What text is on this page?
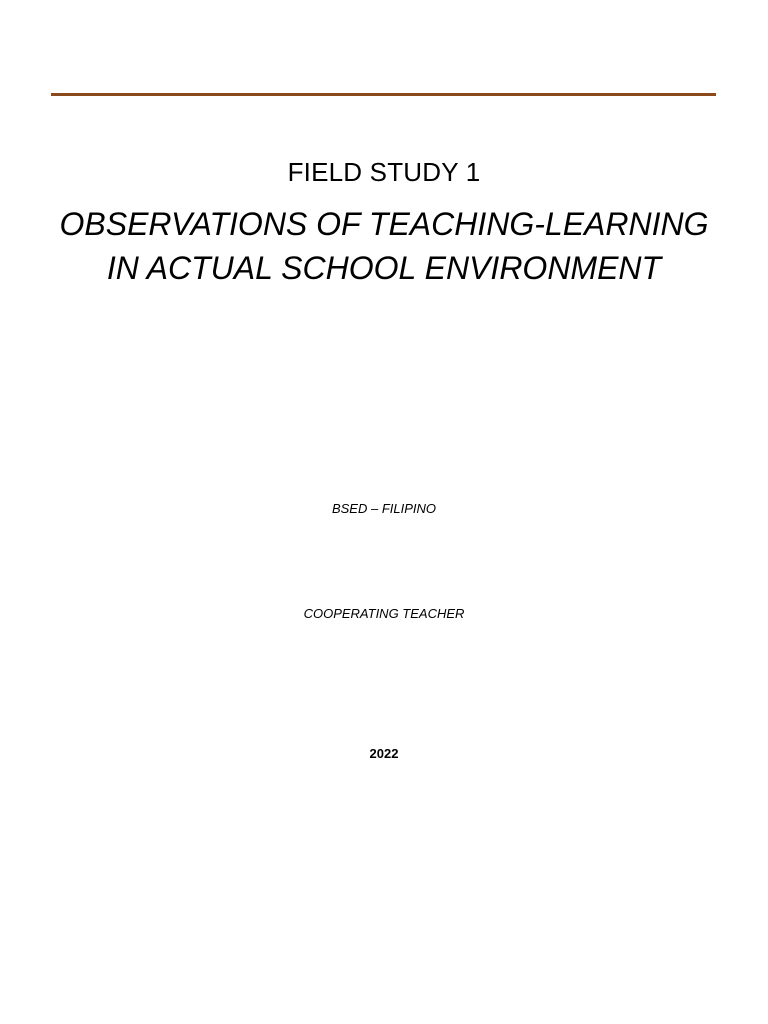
FIELD STUDY 1
OBSERVATIONS OF TEACHING-LEARNING
IN ACTUAL SCHOOL ENVIRONMENT
BSED – FILIPINO
COOPERATING TEACHER
2022
